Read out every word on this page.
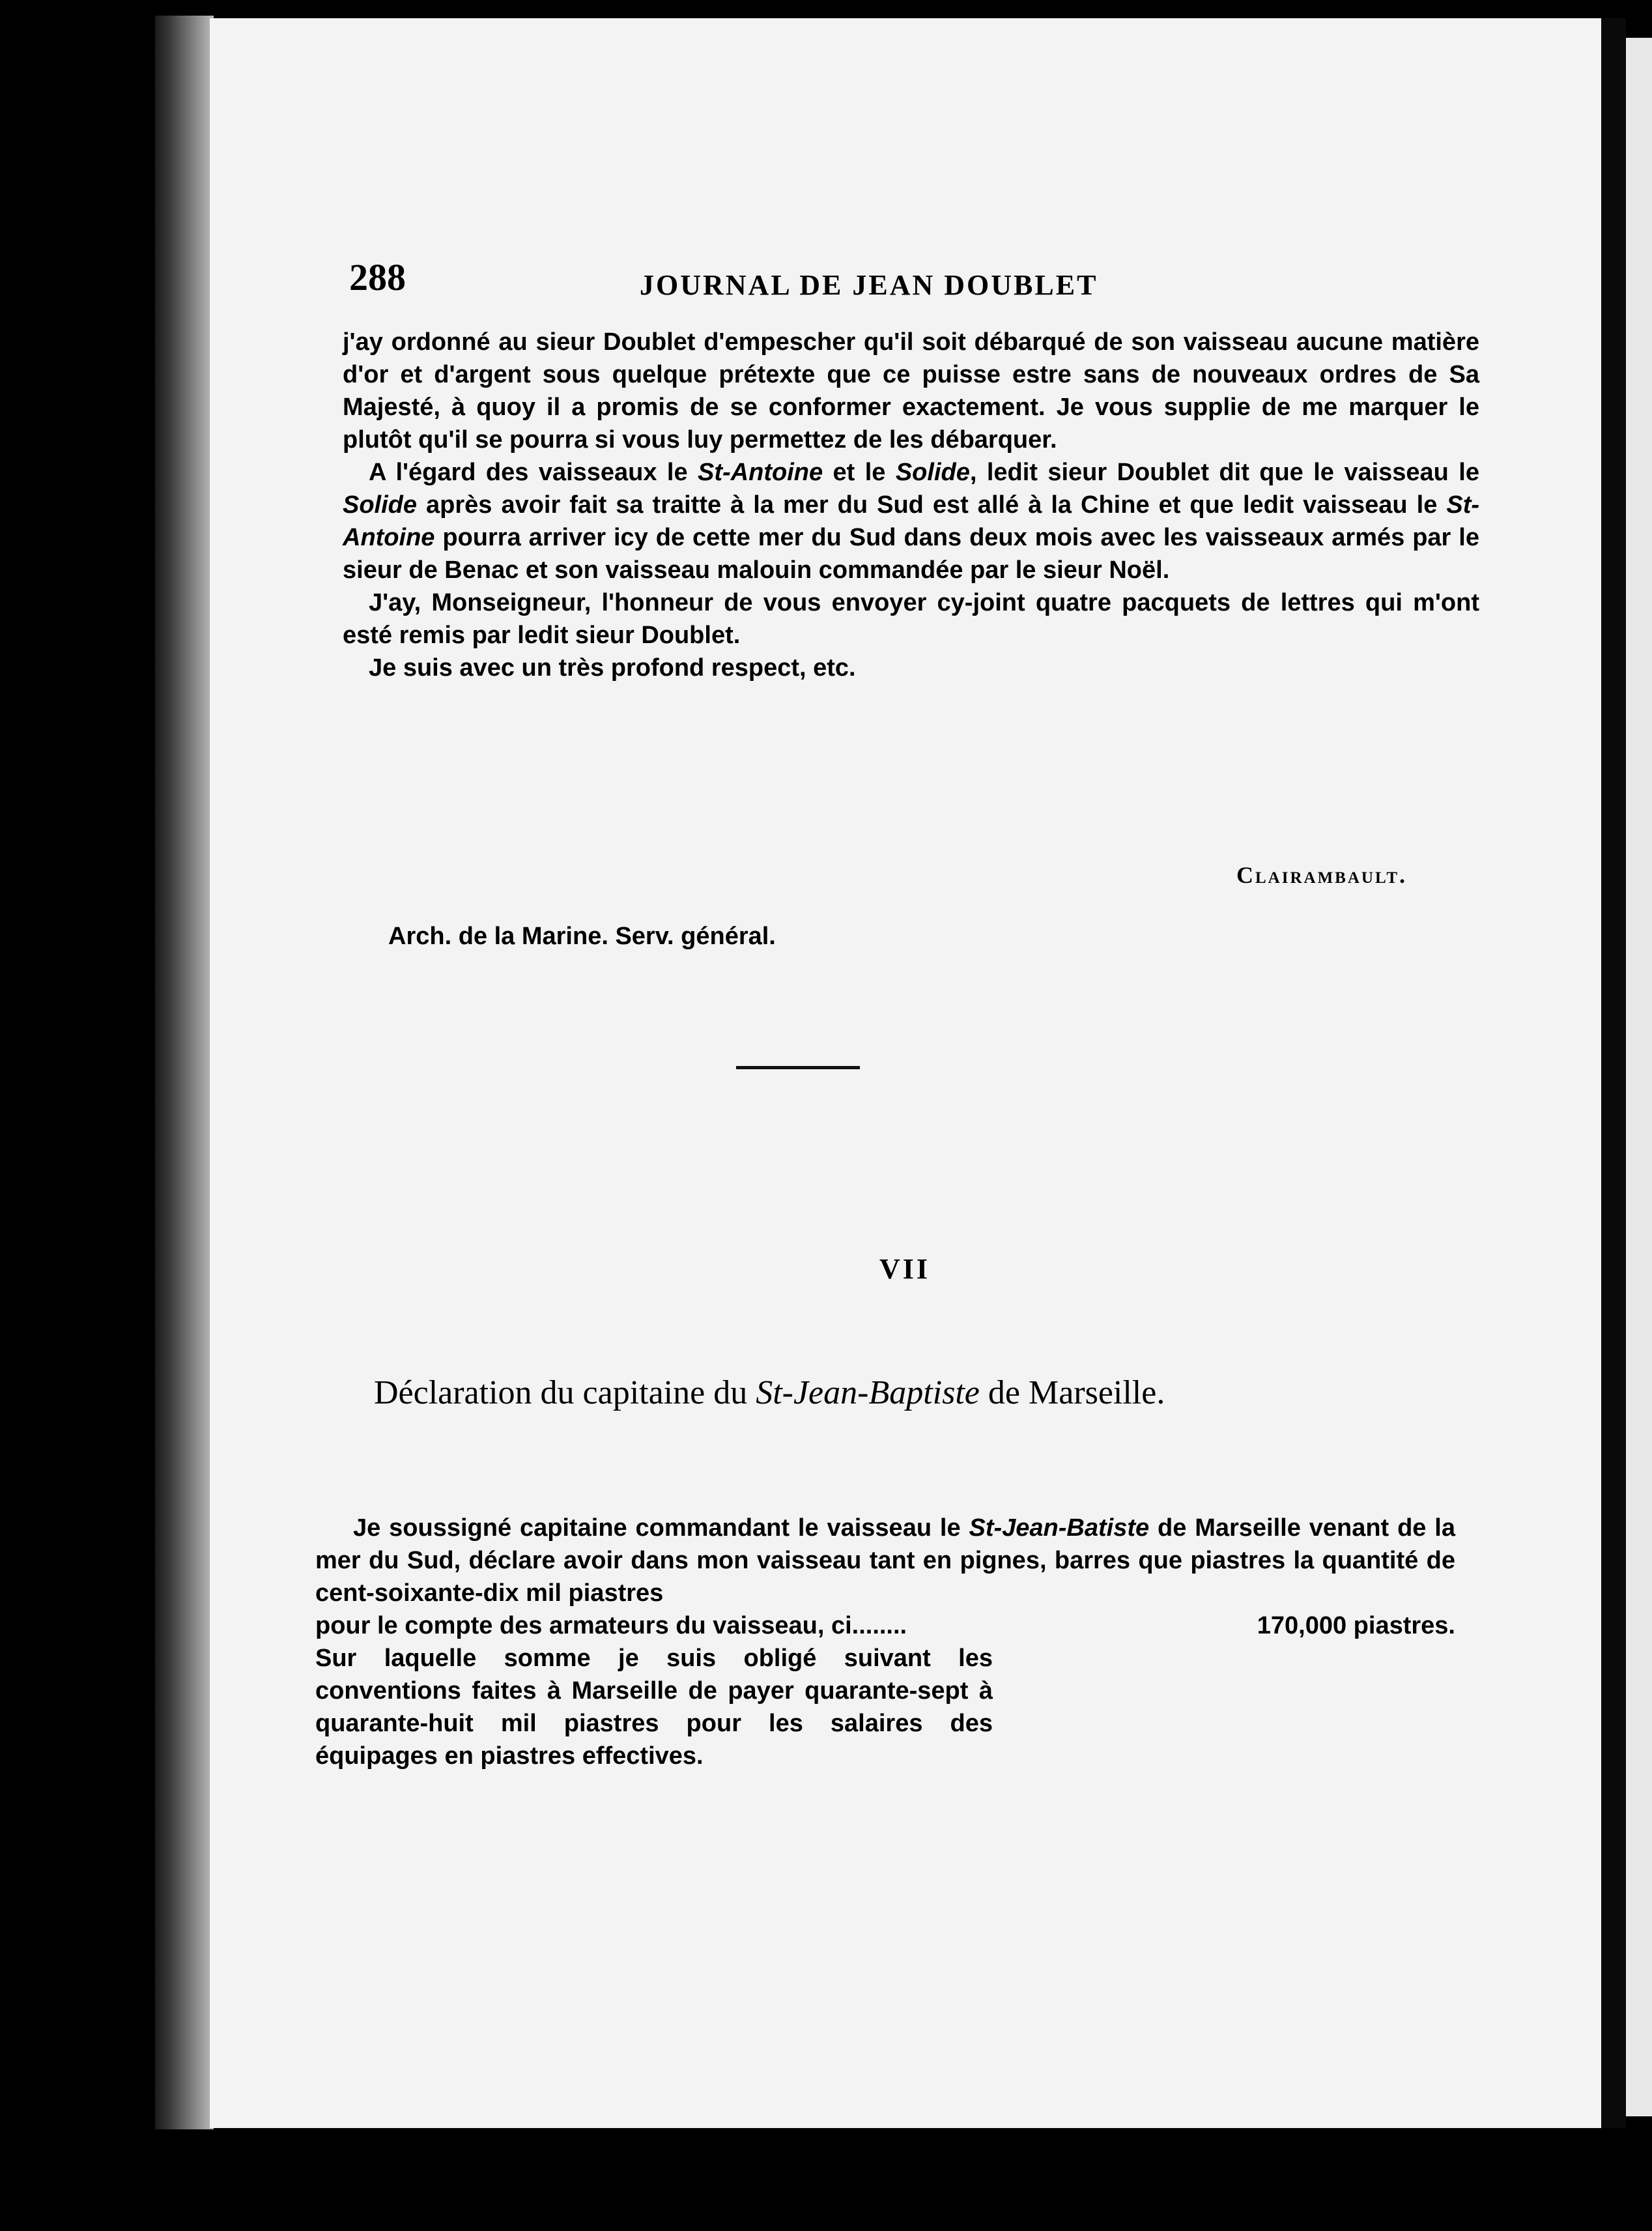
288	JOURNAL DE JEAN DOUBLET

j'ay ordonné au sieur Doublet d'empescher qu'il soit débarqué de son vaisseau aucune matière d'or et d'argent sous quelque prétexte que ce puisse estre sans de nouveaux ordres de Sa Majesté, à quoy il a promis de se conformer exactement. Je vous supplie de me marquer le plutôt qu'il se pourra si vous luy permettez de les débarquer.

A l'égard des vaisseaux le St-Antoine et le Solide, ledit sieur Doublet dit que le vaisseau le Solide après avoir fait sa traitte à la mer du Sud est allé à la Chine et que ledit vaisseau le St-Antoine pourra arriver icy de cette mer du Sud dans deux mois avec les vaisseaux armés par le sieur de Benac et son vaisseau malouin commandée par le sieur Noël.

J'ay, Monseigneur, l'honneur de vous envoyer cy-joint quatre pacquets de lettres qui m'ont esté remis par ledit sieur Doublet.

Je suis avec un très profond respect, etc.

Clairambault.
Arch. de la Marine. Serv. général.
VII
Déclaration du capitaine du St-Jean-Baptiste de Marseille.

Je soussigné capitaine commandant le vaisseau le St-Jean-Batiste de Marseille venant de la mer du Sud, déclare avoir dans mon vaisseau tant en pignes, barres que piastres la quantité de cent-soixante-dix mil piastres

pour le compte des armateurs du vaisseau, ci........	170,000 piastres.

Sur laquelle somme je suis obligé suivant les conventions faites à Marseille de payer quarante-sept à quarante-huit mil piastres pour les salaires des équipages en piastres effectives.
